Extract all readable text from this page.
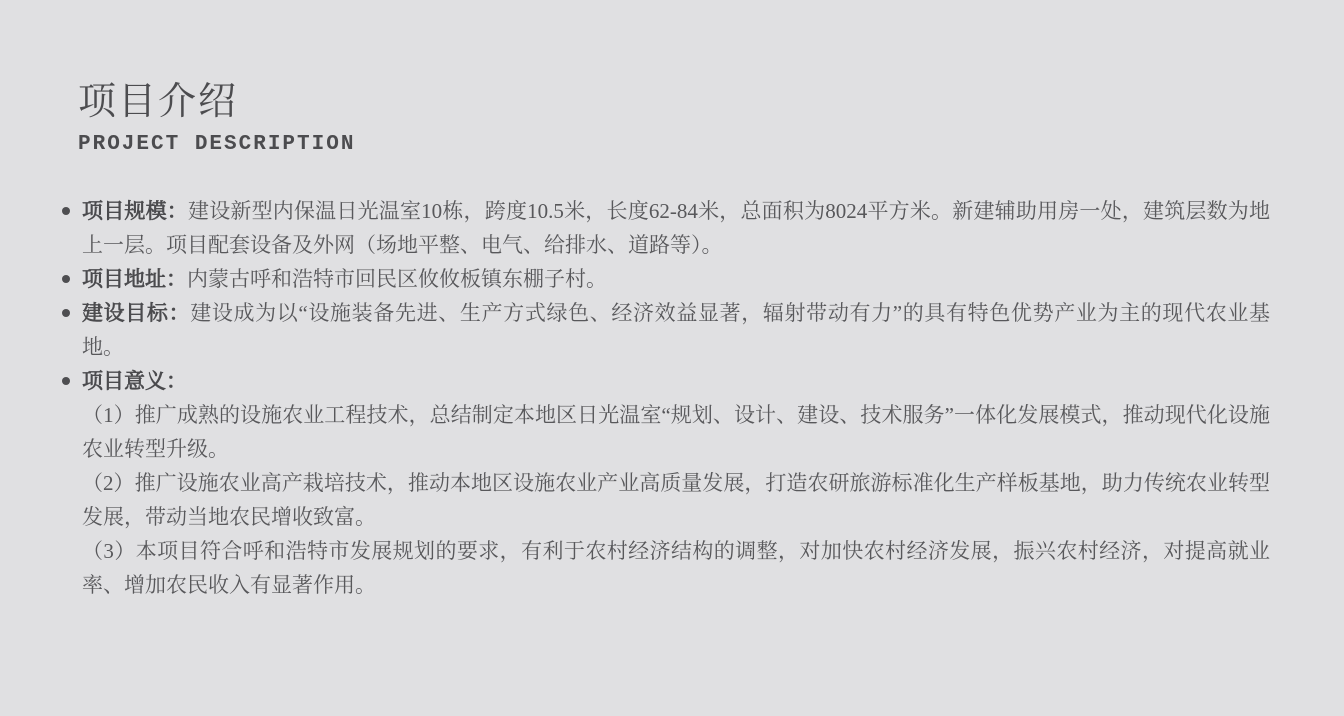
项目介绍
PROJECT DESCRIPTION

项目规模：建设新型内保温日光温室10栋，跨度10.5米，长度62-84米，总面积为8024平方米。新建辅助用房一处，建筑层数为地上一层。项目配套设备及外网（场地平整、电气、给排水、道路等）。

项目地址：内蒙古呼和浩特市回民区攸攸板镇东棚子村。

建设目标：建设成为以“设施装备先进、生产方式绿色、经济效益显著，辐射带动有力”的具有特色优势产业为主的现代农业基地。

项目意义：

（1）推广成熟的设施农业工程技术，总结制定本地区日光温室“规划、设计、建设、技术服务”一体化发展模式，推动现代化设施农业转型升级。

（2）推广设施农业高产栽培技术，推动本地区设施农业产业高质量发展，打造农研旅游标准化生产样板基地，助力传统农业转型发展，带动当地农民增收致富。

（3）本项目符合呼和浩特市发展规划的要求，有利于农村经济结构的调整，对加快农村经济发展，振兴农村经济，对提高就业率、增加农民收入有显著作用。
